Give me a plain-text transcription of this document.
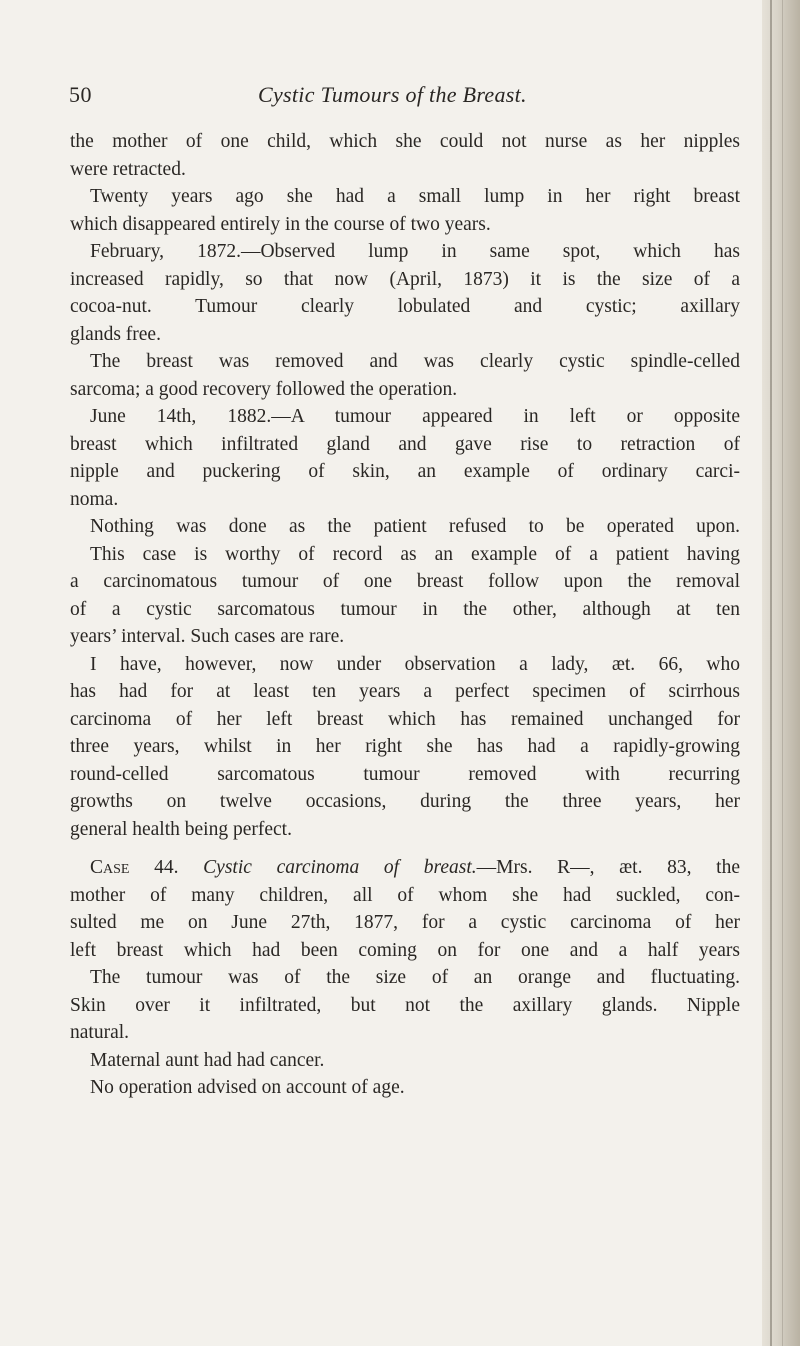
50	Cystic Tumours of the Breast.
the mother of one child, which she could not nurse as her nipples
were retracted.
Twenty years ago she had a small lump in her right breast
which disappeared entirely in the course of two years.
February, 1872.—Observed lump in same spot, which has
increased rapidly, so that now (April, 1873) it is the size of a
cocoa-nut. Tumour clearly lobulated and cystic; axillary
glands free.
The breast was removed and was clearly cystic spindle-celled
sarcoma; a good recovery followed the operation.
June 14th, 1882.—A tumour appeared in left or opposite
breast which infiltrated gland and gave rise to retraction of
nipple and puckering of skin, an example of ordinary carci-
noma.
Nothing was done as the patient refused to be operated upon.
This case is worthy of record as an example of a patient having
a carcinomatous tumour of one breast follow upon the removal
of a cystic sarcomatous tumour in the other, although at ten
years’ interval. Such cases are rare.
I have, however, now under observation a lady, æt. 66, who
has had for at least ten years a perfect specimen of scirrhous
carcinoma of her left breast which has remained unchanged for
three years, whilst in her right she has had a rapidly-growing
round-celled sarcomatous tumour removed with recurring
growths on twelve occasions, during the three years, her
general health being perfect.
Case 44. Cystic carcinoma of breast.—Mrs. R—, æt. 83, the
mother of many children, all of whom she had suckled, con-
sulted me on June 27th, 1877, for a cystic carcinoma of her
left breast which had been coming on for one and a half years
The tumour was of the size of an orange and fluctuating.
Skin over it infiltrated, but not the axillary glands. Nipple
natural.
Maternal aunt had had cancer.
No operation advised on account of age.
